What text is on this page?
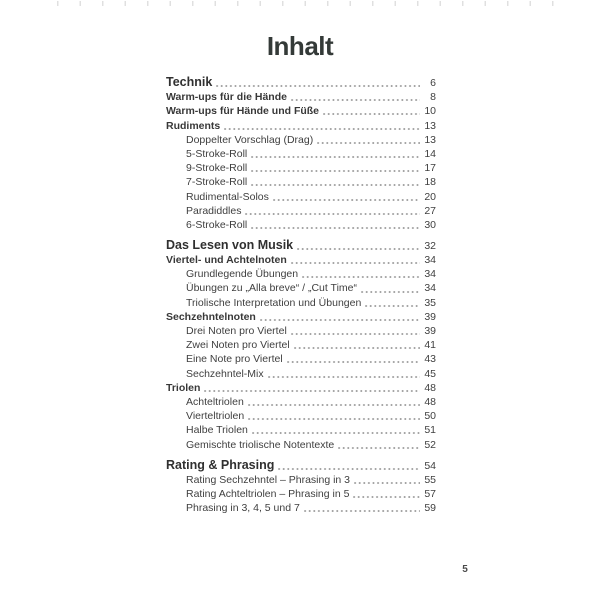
Inhalt
Technik	6
Warm-ups für die Hände	8
Warm-ups für Hände und Füße	10
Rudiments	13
Doppelter Vorschlag (Drag)	13
5-Stroke-Roll	14
9-Stroke-Roll	17
7-Stroke-Roll	18
Rudimental-Solos	20
Paradiddles	27
6-Stroke-Roll	30
Das Lesen von Musik	32
Viertel- und Achtelnoten	34
Grundlegende Übungen	34
Übungen zu „Alla breve“ / „Cut Time“	34
Triolische Interpretation und Übungen	35
Sechzehntelnoten	39
Drei Noten pro Viertel	39
Zwei Noten pro Viertel	41
Eine Note pro Viertel	43
Sechzehntel-Mix	45
Triolen	48
Achteltriolen	48
Vierteltriolen	50
Halbe Triolen	51
Gemischte triolische Notentexte	52
Rating & Phrasing	54
Rating Sechzehntel – Phrasing in 3	55
Rating Achteltriolen – Phrasing in 5	57
Phrasing in 3, 4, 5 und 7	59
5
